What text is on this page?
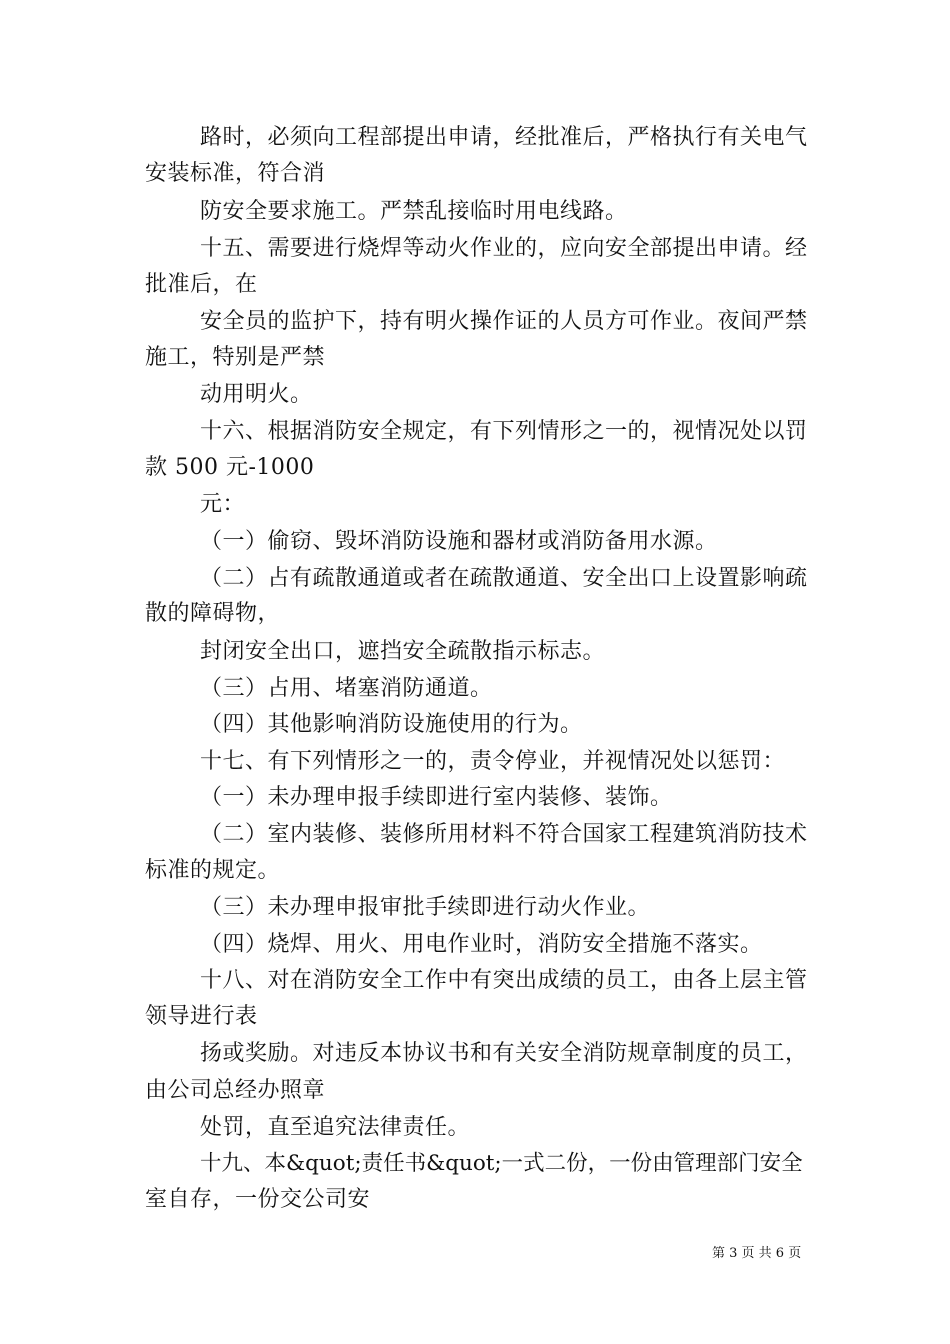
路时，必须向工程部提出申请，经批准后，严格执行有关电气
安装标准，符合消
防安全要求施工。严禁乱接临时用电线路。
十五、需要进行烧焊等动火作业的，应向安全部提出申请。经
批准后，在
安全员的监护下，持有明火操作证的人员方可作业。夜间严禁
施工，特别是严禁
动用明火。
十六、根据消防安全规定，有下列情形之一的，视情况处以罚
款 500 元-1000
元：
（一）偷窃、毁坏消防设施和器材或消防备用水源。
（二）占有疏散通道或者在疏散通道、安全出口上设置影响疏
散的障碍物，
封闭安全出口，遮挡安全疏散指示标志。
（三）占用、堵塞消防通道。
（四）其他影响消防设施使用的行为。
十七、有下列情形之一的，责令停业，并视情况处以惩罚：
（一）未办理申报手续即进行室内装修、装饰。
（二）室内装修、装修所用材料不符合国家工程建筑消防技术
标准的规定。
（三）未办理申报审批手续即进行动火作业。
（四）烧焊、用火、用电作业时，消防安全措施不落实。
十八、对在消防安全工作中有突出成绩的员工，由各上层主管
领导进行表
扬或奖励。对违反本协议书和有关安全消防规章制度的员工，
由公司总经办照章
处罚，直至追究法律责任。
十九、本&quot;责任书&quot;一式二份，一份由管理部门安全
室自存，一份交公司安
第 3 页 共 6 页
